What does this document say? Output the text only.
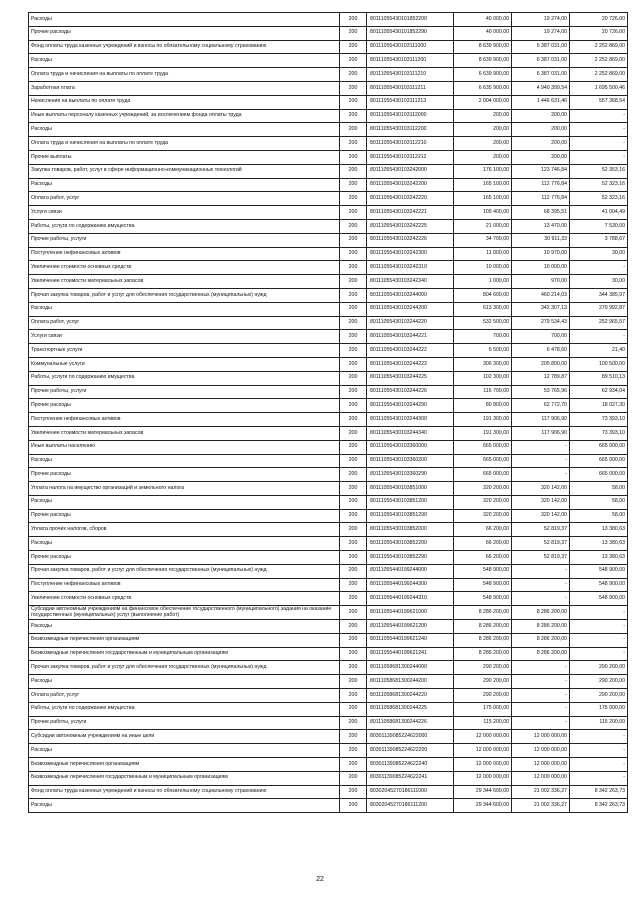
Расходы	200	80111055430101852200	40 000,00	19 274,00	20 726,00
Прочие расходы	200	80111055430101852290	40 000,00	19 274,00	20 726,00
Фонд оплаты труда казенных учреждений и взносы по обязательному социальному страхованию	200	80111055430103111000	8 639 900,00	6 387 031,00	2 252 869,00
Расходы	200	80111055430103111200	8 639 900,00	6 387 031,00	2 252 869,00
Оплата труда и начисления на выплаты по оплате труда	200	80111055430103111210	6 639 900,00	6 387 031,00	2 252 869,00
Заработная плата	200	80111055430103111211	6 635 900,00	4 940 399,54	1 695 500,46
Начисления на выплаты по оплате труда	200	80111055430103111213	2 004 000,00	1 446 631,46	557 368,54
Иные выплаты персоналу казенных учреждений, за исключением фонда оплаты труда	200	80111055430103112000	200,00	200,00	-
Расходы	200	80111055430103112200	200,00	200,00	-
Оплата труда и начисления на выплаты по оплате труда	200	80111055430103112210	200,00	200,00	-
Прочие выплаты	200	80111055430103112212	200,00	200,00	-
Закупка товаров, работ, услуг в сфере информационно-коммуникационных технологий	200	80111055430103242000	176 100,00	123 746,84	52 353,16
Расходы	200	80111055430103242200	165 100,00	112 776,84	52 323,16
Оплата работ, услуг	200	80111055430103242220	165 100,00	112 776,84	52 323,16
Услуги связи	200	80111055430103242221	109 400,00	68 395,51	41 004,49
Работы, услуги по содержанию имущества	200	80111055430103242225	21 000,00	13 470,00	7 530,00
Прочие работы, услуги	200	80111055430103242226	34 700,00	30 911,33	3 788,67
Поступление нефинансовых активов	200	80111055430103242300	11 000,00	10 970,00	30,00
Увеличение стоимости основных средств	200	80111055430103242310	10 000,00	10 000,00	-
Увеличение стоимости материальных запасов	200	80111055430103242340	1 000,00	970,00	30,00
Прочая закупка товаров, работ и услуг для обеспечения государственных (муниципальных) нужд	200	80111055430103244000	804 600,00	460 214,03	344 385,97
Расходы	200	80111055430103244200	613 300,00	342 307,13	270 992,87
Оплата работ, услуг	200	80111055430103244220	532 500,00	279 534,43	252 965,57
Услуги связи	200	80111055430103244221	700,00	700,00	-
Транспортные услуги	200	80111055430103244222	6 500,00	6 478,60	21,40
Коммунальные услуги	200	80111055430103244223	306 300,00	205 800,00	100 500,00
Работы, услуги по содержанию имущества	200	80111055430103244225	102 300,00	12 789,87	89 510,13
Прочие работы, услуги	200	80111055430103244226	116 700,00	53 765,96	62 934,04
Прочие расходы	200	80111055430103244290	80 800,00	62 772,70	18 027,30
Поступление нефинансовых активов	200	80111055430103244300	191 300,00	117 906,90	73 393,10
Увеличение стоимости материальных запасов	200	80111055430103244340	191 300,00	117 906,90	73 393,10
Иные выплаты населению	200	80111055430103360000	665 000,00	-	665 000,00
Расходы	200	80111055430103360200	665 000,00	-	665 000,00
Прочие расходы	200	80111055430103360290	665 000,00	-	665 000,00
Уплата налога на имущество организаций и земельного налога	200	80111055430103851000	320 200,00	320 142,00	58,00
Расходы	200	80111055430103851200	320 200,00	320 142,00	58,00
Прочие расходы	200	80111055430103851290	320 200,00	320 142,00	58,00
Уплата прочих налогов, сборов	200	80111055430103852000	66 200,00	52 819,37	13 380,63
Расходы	200	80111055430103852200	66 200,00	52 819,37	13 380,63
Прочие расходы	200	80111055430103852290	66 200,00	52 819,37	13 380,63
Прочая закупка товаров, работ и услуг для обеспечения государственных (муниципальных) нужд	200	80111055440199244000	548 900,00	-	548 900,00
Поступление нефинансовых активов	200	80111055440199244300	548 900,00	-	548 900,00
Увеличение стоимости основных средств	200	80111055440199244310	548 900,00	-	548 900,00
Субсидии автономным учреждениям на финансовое обеспечение государственного (муниципального) задания на оказание государственных (муниципальных) услуг (выполнение работ)	200	80111055440199621000	8 286 200,00	8 286 200,00	-
Расходы	200	80111055440199621200	8 286 200,00	8 286 200,00	-
Безвозмездные перечисления организациям	200	80111055440199621240	8 286 200,00	8 286 200,00	-
Безвозмездные перечисления государственным и муниципальным организациям	200	80111055440199621241	8 286 200,00	8 286 200,00	-
Прочая закупка товаров, работ и услуг для обеспечения государственных (муниципальных) нужд	200	80111058681300244000	290 200,00	-	290 200,00
Расходы	200	80111058681300244200	290 200,00	-	290 200,00
Оплата работ, услуг	200	80111058681300244220	290 200,00	-	290 200,00
Работы, услуги по содержанию имущества	200	80111058681300244225	175 000,00	-	175 000,00
Прочие работы, услуги	200	80111058681300244226	115 200,00	-	115 200,00
Субсидии автономным учреждениям на иные цели	200	80301139085224622000	12 000 000,00	12 000 000,00	-
Расходы	200	80301139085224622200	12 000 000,00	12 000 000,00	-
Безвозмездные перечисления организациям	200	80301139085224622240	12 000 000,00	12 000 000,00	-
Безвозмездные перечисления государственным и муниципальным организациям	200	80301139085224622241	12 000 000,00	12 000 000,00	-
Фонд оплаты труда казенных учреждений и взносы по обязательному социальному страхованию	200	80302045270186111000	29 344 600,00	21 002 336,27	8 342 263,73
Расходы	200	80302045270186111200	29 344 600,00	21 002 336,27	8 342 263,73
22
